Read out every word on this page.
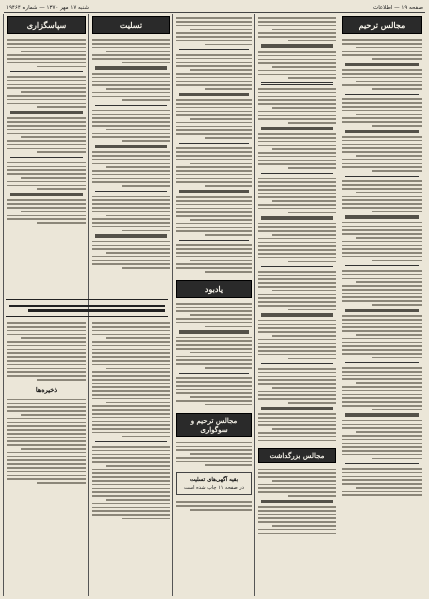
صفحه ۱۹ — اطلاعات
شنبه ۱۷ مهر ۱۳۷۰ — شماره ۱۹۴۶۴
مجالس ترحیم
مجالس بزرگداشت
یادبود
مجالس ترحیم و سوگواری
بقیه آگهی‌های تسلیت
در صفحه ۱۱ چاپ شده است
تسلیت
سپاسگزاری
ذخیره‌ها
